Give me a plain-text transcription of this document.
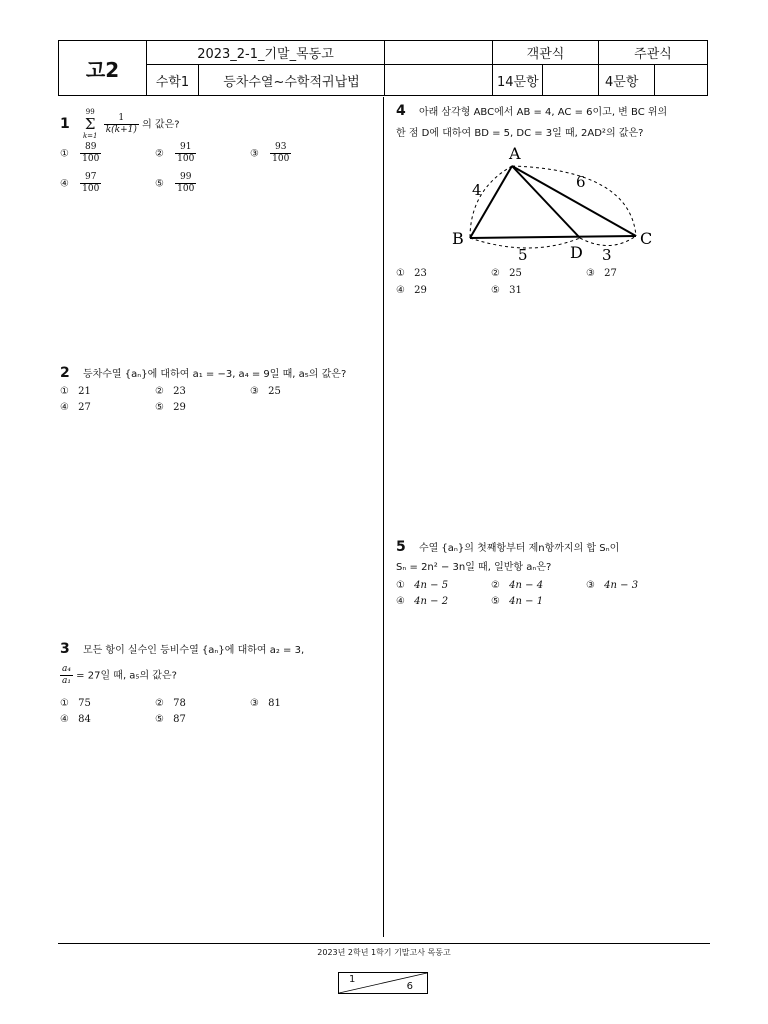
고2
2023_2-1_기말_목동고	객관식	주관식
수학1	등차수열~수학적귀납법	14문항	4문항
1
99
Σ
k=1
$\frac{1}{k(k+1)}$ 의 값은?
① $\frac{89}{100}$	② $\frac{91}{100}$	③ $\frac{93}{100}$
④ $\frac{97}{100}$	⑤ $\frac{99}{100}$
2 등차수열 {aₙ}에 대하여 a₁ = −3, a₄ = 9일 때, a₅의 값은?
① 21	② 23	③ 25
④ 27	⑤ 29
3 모든 항이 실수인 등비수열 {aₙ}에 대하여 a₂ = 3,
$\frac{\text{a₄}}{\text{a₁}} = 27$일 때, a₅의 값은?
① 75	② 78	③ 81
④ 84	⑤ 87
4 아래 삼각형 ABC에서 AB = 4, AC = 6이고, 변 BC 위의
한 점 D에 대하여 BD = 5, DC = 3일 때, 2AD²의 값은?
A
B	C
D
4	6
5	3
① 23	② 25	③ 27
④ 29	⑤ 31
5 수열 {aₙ}의 첫째항부터 제n항까지의 합 Sₙ이
Sₙ = 2n² − 3n일 때, 일반항 aₙ은?
① 4n − 5	② 4n − 4	③ 4n − 3
④ 4n − 2	⑤ 4n − 1
2023년 2학년 1학기 기말고사 목동고
1
6
